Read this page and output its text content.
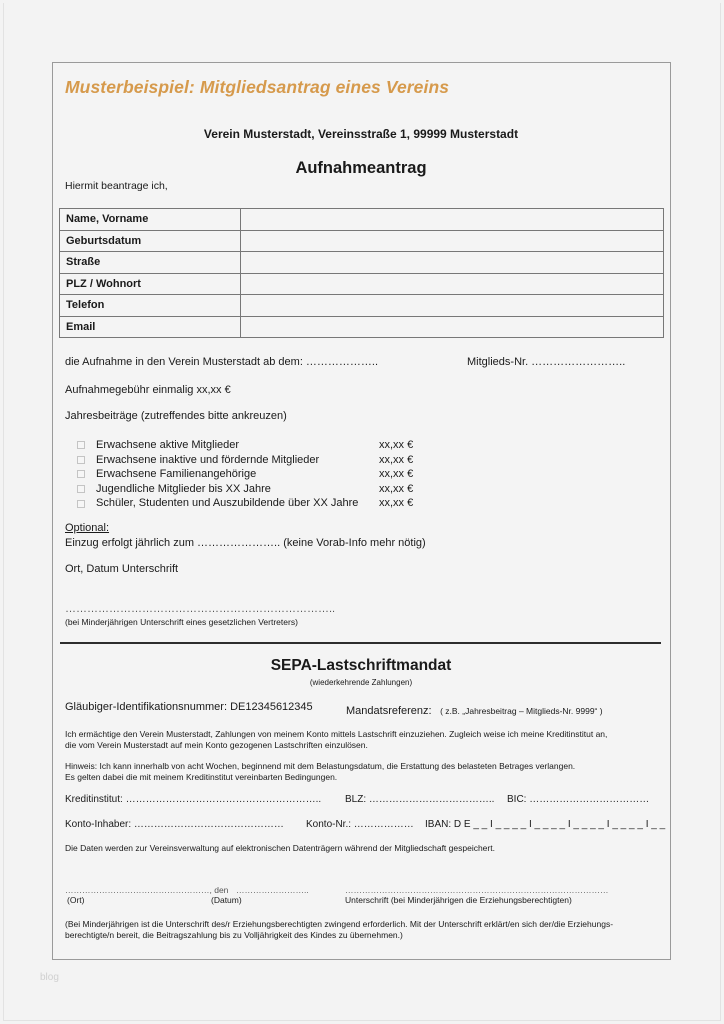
Musterbeispiel: Mitgliedsantrag eines Vereins
Verein Musterstadt, Vereinsstraße 1, 99999 Musterstadt
Aufnahmeantrag
Hiermit beantrage ich,
Name, Vorname	
Geburtsdatum	
Straße	
PLZ / Wohnort	
Telefon	
Email	
die Aufnahme in den Verein Musterstadt ab dem: ………………..	Mitglieds-Nr. ……………………..
Aufnahmegebühr einmalig xx,xx €
Jahresbeiträge (zutreffendes bitte ankreuzen)
Erwachsene aktive Mitglieder	xx,xx €
Erwachsene inaktive und fördernde Mitglieder	xx,xx €
Erwachsene Familienangehörige	xx,xx €
Jugendliche Mitglieder bis XX Jahre	xx,xx €
Schüler, Studenten und Auszubildende über XX Jahre	xx,xx €
Optional:
Einzug erfolgt jährlich zum ………………….. (keine Vorab-Info mehr nötig)
Ort, Datum Unterschrift
………………………………………………………………..
(bei Minderjährigen Unterschrift eines gesetzlichen Vertreters)
SEPA-Lastschriftmandat
(wiederkehrende Zahlungen)
Gläubiger-Identifikationsnummer: DE12345612345	Mandatsreferenz: ( z.B. „Jahresbeitrag – Mitglieds-Nr. 9999“ )
Ich ermächtige den Verein Musterstadt, Zahlungen von meinem Konto mittels Lastschrift einzuziehen. Zugleich weise ich meine Kreditinstitut an,
die vom Verein Musterstadt auf mein Konto gezogenen Lastschriften einzulösen.
Hinweis: Ich kann innerhalb von acht Wochen, beginnend mit dem Belastungsdatum, die Erstattung des belasteten Betrages verlangen.
Es gelten dabei die mit meinem Kreditinstitut vereinbarten Bedingungen.
Kreditinstitut: ………………………………………………….. BLZ: ……………………………….. BIC: ………………………………
Konto-Inhaber: ……………………………………… Konto-Nr.: ……………… IBAN: D E _ _ I _ _ _ _ I _ _ _ _ I _ _ _ _ I _ _ _ _ I _ _
Die Daten werden zur Vereinsverwaltung auf elektronischen Datenträgern während der Mitgliedschaft gespeichert.
……………………………………………, den ……………………..	…………………………………………………………………………………
(Ort)	(Datum)	Unterschrift (bei Minderjährigen die Erziehungsberechtigten)
(Bei Minderjährigen ist die Unterschrift des/r Erziehungsberechtigten zwingend erforderlich. Mit der Unterschrift erklärt/en sich der/die Erziehungs-
berechtigte/n bereit, die Beitragszahlung bis zu Volljährigkeit des Kindes zu übernehmen.)
blog
